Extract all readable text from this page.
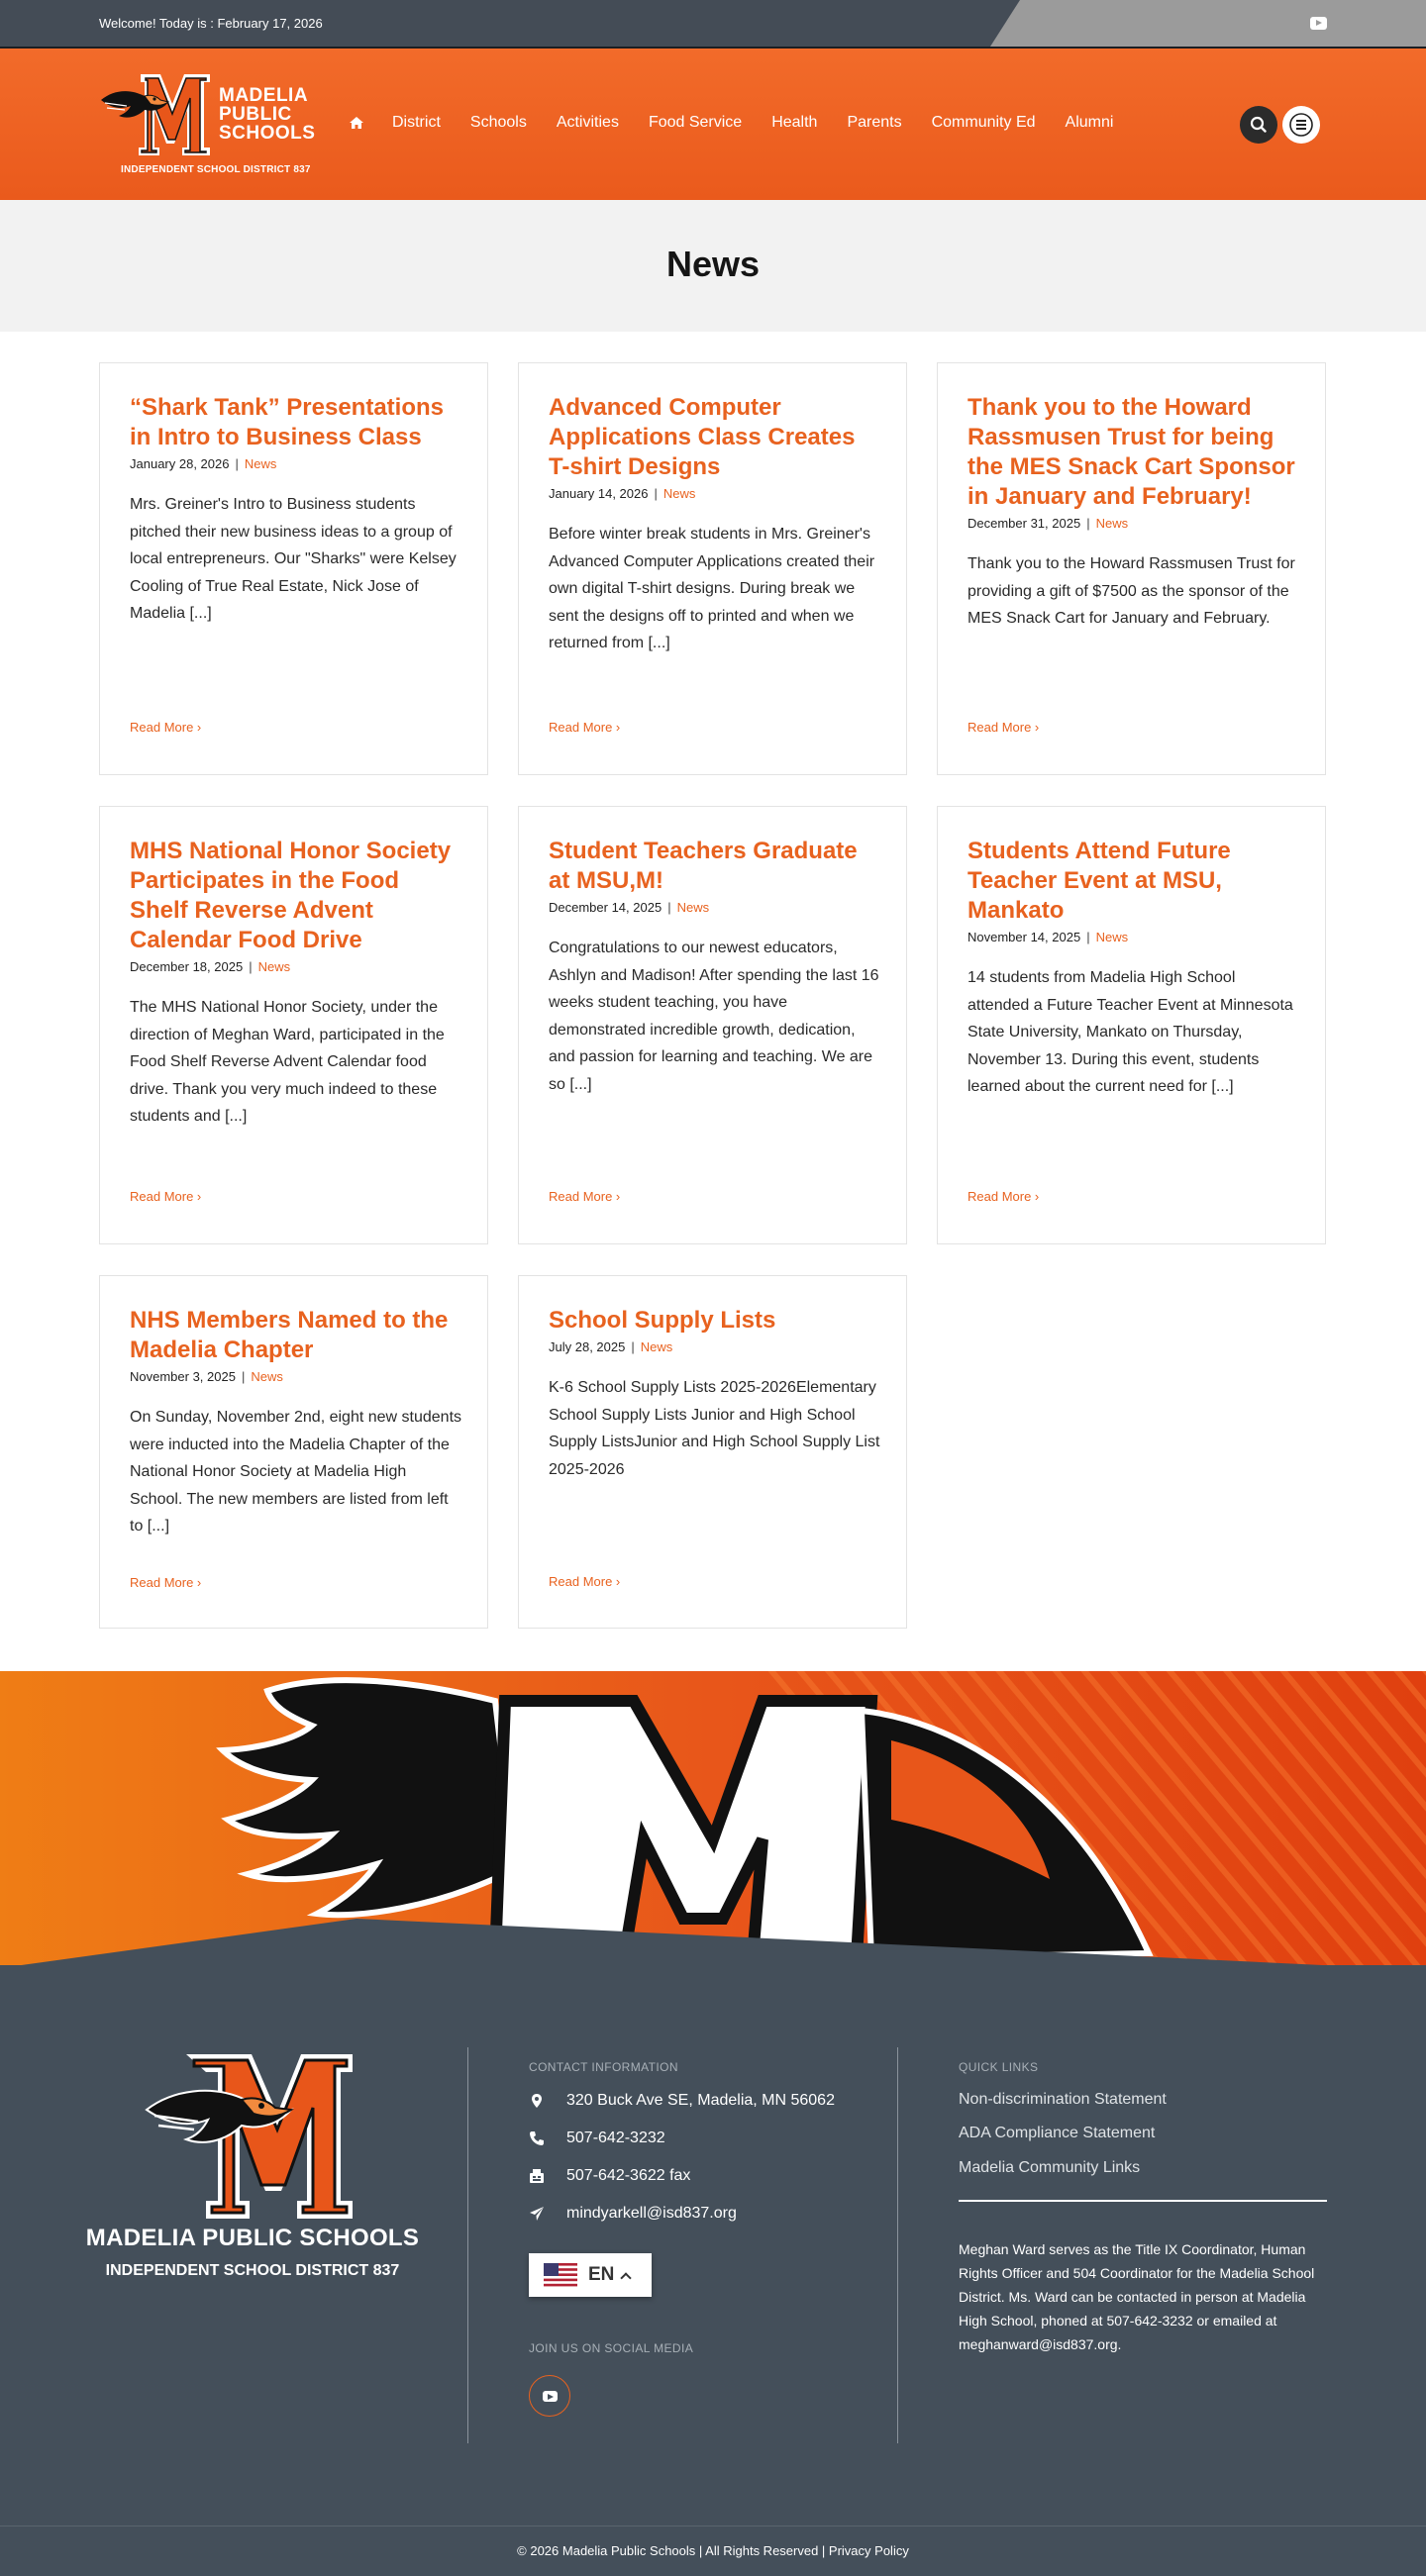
Welcome! Today is : February 17, 2026
MADELIA
PUBLIC
SCHOOLS
INDEPENDENT SCHOOL DISTRICT 837
District Schools Activities Food Service Health Parents Community Ed Alumni
News
“Shark Tank” Presentations in Intro to Business Class
January 28, 2026 | News

Mrs. Greiner's Intro to Business students pitched their new business ideas to a group of local entrepreneurs. Our "Sharks" were Kelsey Cooling of True Real Estate, Nick Jose of Madelia [...]

Read More ›
Advanced Computer Applications Class Creates T-shirt Designs
January 14, 2026 | News

Before winter break students in Mrs. Greiner's Advanced Computer Applications created their own digital T-shirt designs. During break we sent the designs off to printed and when we returned from [...]

Read More ›
Thank you to the Howard Rassmusen Trust for being the MES Snack Cart Sponsor in January and February!
December 31, 2025 | News

Thank you to the Howard Rassmusen Trust for providing a gift of $7500 as the sponsor of the MES Snack Cart for January and February.

Read More ›
MHS National Honor Society Participates in the Food Shelf Reverse Advent Calendar Food Drive
December 18, 2025 | News

The MHS National Honor Society, under the direction of Meghan Ward, participated in the Food Shelf Reverse Advent Calendar food drive. Thank you very much indeed to these students and [...]

Read More ›
Student Teachers Graduate at MSU,M!
December 14, 2025 | News

Congratulations to our newest educators, Ashlyn and Madison! After spending the last 16 weeks student teaching, you have demonstrated incredible growth, dedication, and passion for learning and teaching. We are so [...]

Read More ›
Students Attend Future Teacher Event at MSU, Mankato
November 14, 2025 | News

14 students from Madelia High School attended a Future Teacher Event at Minnesota State University, Mankato on Thursday, November 13. During this event, students learned about the current need for [...]

Read More ›
NHS Members Named to the Madelia Chapter
November 3, 2025 | News

On Sunday, November 2nd, eight new students were inducted into the Madelia Chapter of the National Honor Society at Madelia High School. The new members are listed from left to [...]

Read More ›
School Supply Lists
July 28, 2025 | News

K-6 School Supply Lists 2025-2026Elementary School Supply Lists Junior and High School Supply ListsJunior and High School Supply List 2025-2026

Read More ›
MADELIA PUBLIC SCHOOLS
INDEPENDENT SCHOOL DISTRICT 837
CONTACT INFORMATION
320 Buck Ave SE, Madelia, MN 56062
507-642-3232
507-642-3622 fax
mindyarkell@isd837.org
EN
JOIN US ON SOCIAL MEDIA
QUICK LINKS
Non-discrimination Statement
ADA Compliance Statement
Madelia Community Links
Meghan Ward serves as the Title IX Coordinator, Human Rights Officer and 504 Coordinator for the Madelia School District. Ms. Ward can be contacted in person at Madelia High School, phoned at 507-642-3232 or emailed at meghanward@isd837.org.
© 2026 Madelia Public Schools | All Rights Reserved | Privacy Policy
